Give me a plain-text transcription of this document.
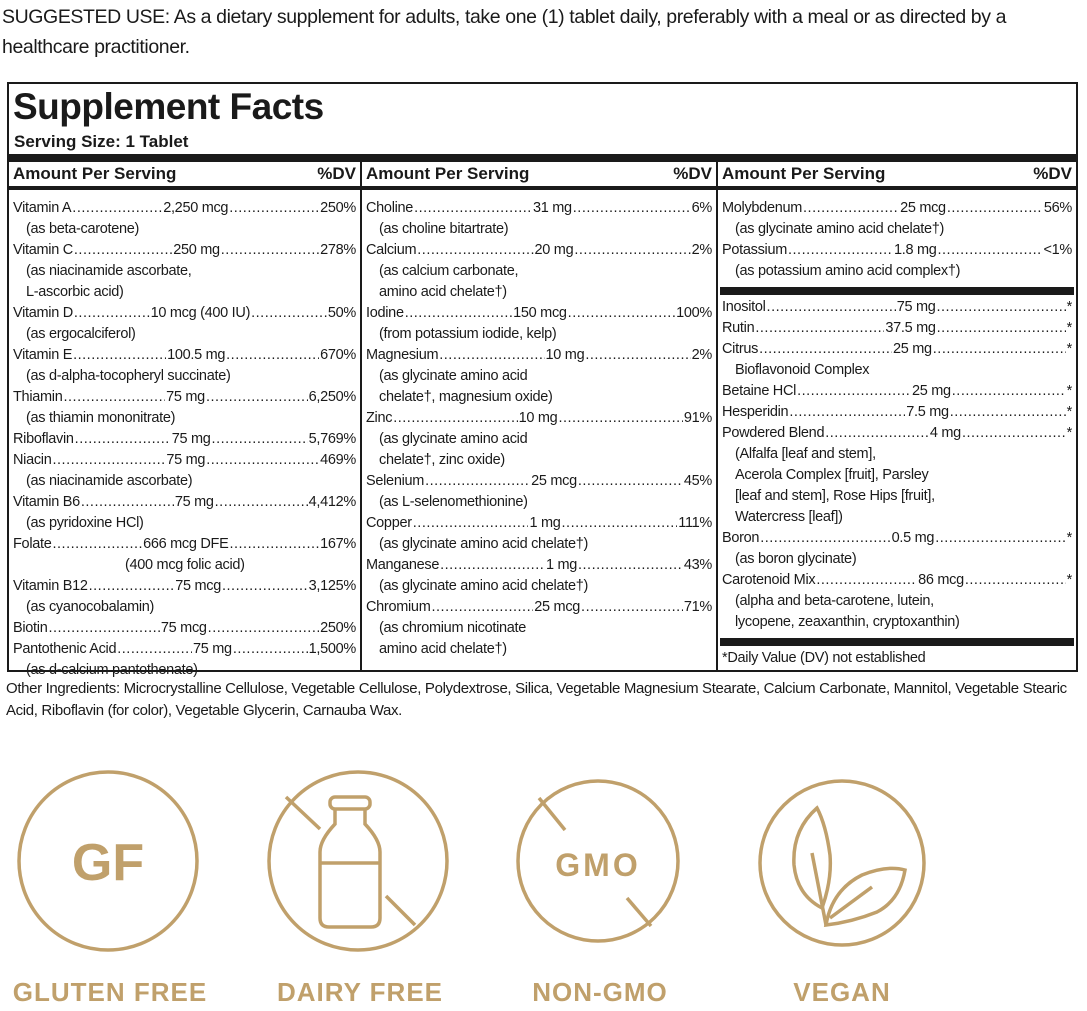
SUGGESTED USE: As a dietary supplement for adults, take one (1) tablet daily, preferably with a meal or as directed by a healthcare practitioner.
Supplement Facts
Serving Size: 1 Tablet
Amount Per Serving	%DV
Vitamin A .....	2,250 mcg .....	250%
(as beta-carotene)
Vitamin C .....	250 mg .....	278%
(as niacinamide ascorbate,
L-ascorbic acid)
Vitamin D .....	10 mcg (400 IU) .....	50%
(as ergocalciferol)
Vitamin E .....	100.5 mg .....	670%
(as d-alpha-tocopheryl succinate)
Thiamin .....	75 mg .....	6,250%
(as thiamin mononitrate)
Riboflavin .....	75 mg .....	5,769%
Niacin .....	75 mg .....	469%
(as niacinamide ascorbate)
Vitamin B6 .....	75 mg .....	4,412%
(as pyridoxine HCl)
Folate .....	666 mcg DFE .....	167%
(400 mcg folic acid)
Vitamin B12 .....	75 mcg .....	3,125%
(as cyanocobalamin)
Biotin .....	75 mcg .....	250%
Pantothenic Acid .....	75 mg .....	1,500%
(as d-calcium pantothenate)
Amount Per Serving	%DV
Choline .....	31 mg .....	6%
(as choline bitartrate)
Calcium .....	20 mg .....	2%
(as calcium carbonate,
amino acid chelate†)
Iodine .....	150 mcg .....	100%
(from potassium iodide, kelp)
Magnesium .....	10 mg .....	2%
(as glycinate amino acid
chelate†, magnesium oxide)
Zinc .....	10 mg .....	91%
(as glycinate amino acid
chelate†, zinc oxide)
Selenium .....	25 mcg .....	45%
(as L-selenomethionine)
Copper .....	1 mg .....	111%
(as glycinate amino acid chelate†)
Manganese .....	1 mg .....	43%
(as glycinate amino acid chelate†)
Chromium .....	25 mcg .....	71%
(as chromium nicotinate
amino acid chelate†)
Amount Per Serving	%DV
Molybdenum .....	25 mcg .....	56%
(as glycinate amino acid chelate†)
Potassium .....	1.8 mg .....	<1%
(as potassium amino acid complex†)
Inositol .....	75 mg .....	*
Rutin .....	37.5 mg .....	*
Citrus .....	25 mg .....	*
Bioflavonoid Complex
Betaine HCl .....	25 mg .....	*
Hesperidin .....	7.5 mg .....	*
Powdered Blend .....	4 mg .....	*
(Alfalfa [leaf and stem],
Acerola Complex [fruit], Parsley
[leaf and stem], Rose Hips [fruit],
Watercress [leaf])
Boron .....	0.5 mg .....	*
(as boron glycinate)
Carotenoid Mix .....	86 mcg .....	*
(alpha and beta-carotene, lutein,
lycopene, zeaxanthin, cryptoxanthin)
*Daily Value (DV) not established
Other Ingredients: Microcrystalline Cellulose, Vegetable Cellulose, Polydextrose, Silica, Vegetable Magnesium Stearate, Calcium Carbonate, Mannitol, Vegetable Stearic Acid, Riboflavin (for color), Vegetable Glycerin, Carnauba Wax.
GF
GLUTEN FREE	DAIRY FREE
GMO
NON-GMO	VEGAN
